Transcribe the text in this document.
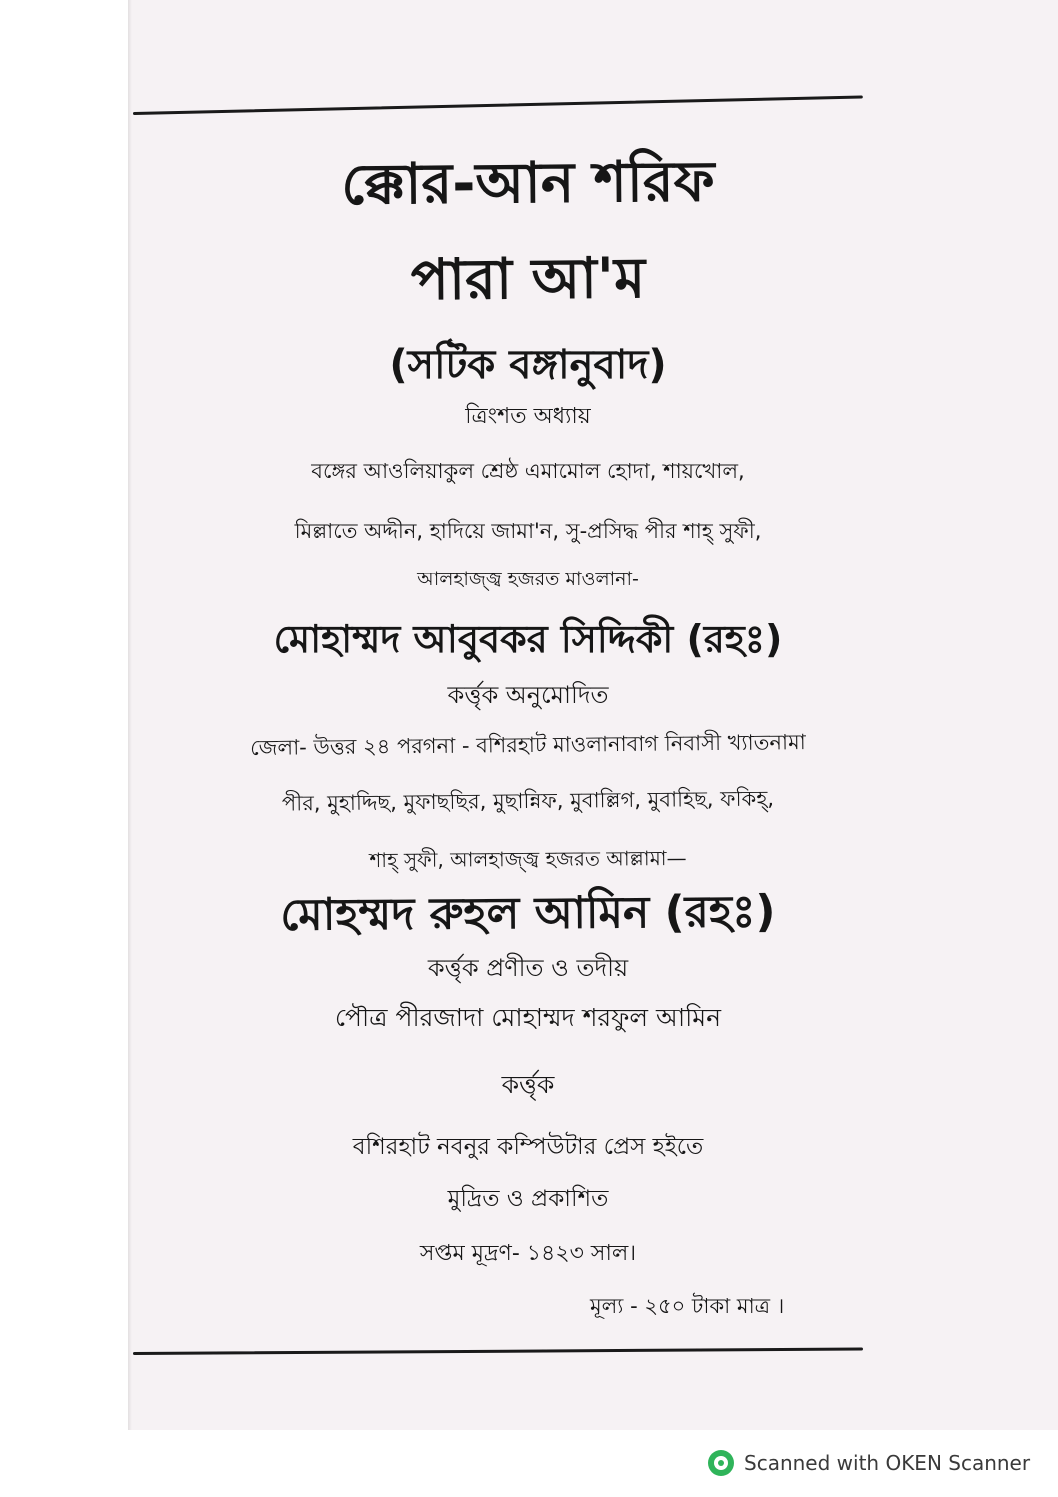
ক্কোর-আন শরিফ
পারা আ'ম
(সটিক বঙ্গানুবাদ)
ত্রিংশত অধ্যায়
বঙ্গের আওলিয়াকুল শ্রেষ্ঠ এমামোল হোদা, শায়খোল,
মিল্লাতে অদ্দীন, হাদিয়ে জামা'ন, সু-প্রসিদ্ধ পীর শাহ্ সুফী,
আলহাজ্জ্ব হজরত মাওলানা-
মোহাম্মদ আবুবকর সিদ্দিকী (রহঃ)
কর্ত্তৃক অনুমোদিত
জেলা- উত্তর ২৪ পরগনা - বশিরহাট মাওলানাবাগ নিবাসী খ্যাতনামা
পীর, মুহাদ্দিছ, মুফাছছির, মুছান্নিফ, মুবাল্লিগ, মুবাহিছ, ফকিহ্,
শাহ্ সুফী, আলহাজ্জ্ব হজরত আল্লামা—
মোহম্মদ রুহল আমিন (রহঃ)
কর্ত্তৃক প্রণীত ও তদীয়
পৌত্র পীরজাদা মোহাম্মদ শরফুল আমিন
কর্ত্তৃক
বশিরহাট নবনুর কম্পিউটার প্রেস হইতে
মুদ্রিত ও প্রকাশিত
সপ্তম মূদ্রণ- ১৪২৩ সাল।
মূল্য - ২৫০ টাকা মাত্র ।
Scanned with OKEN Scanner
